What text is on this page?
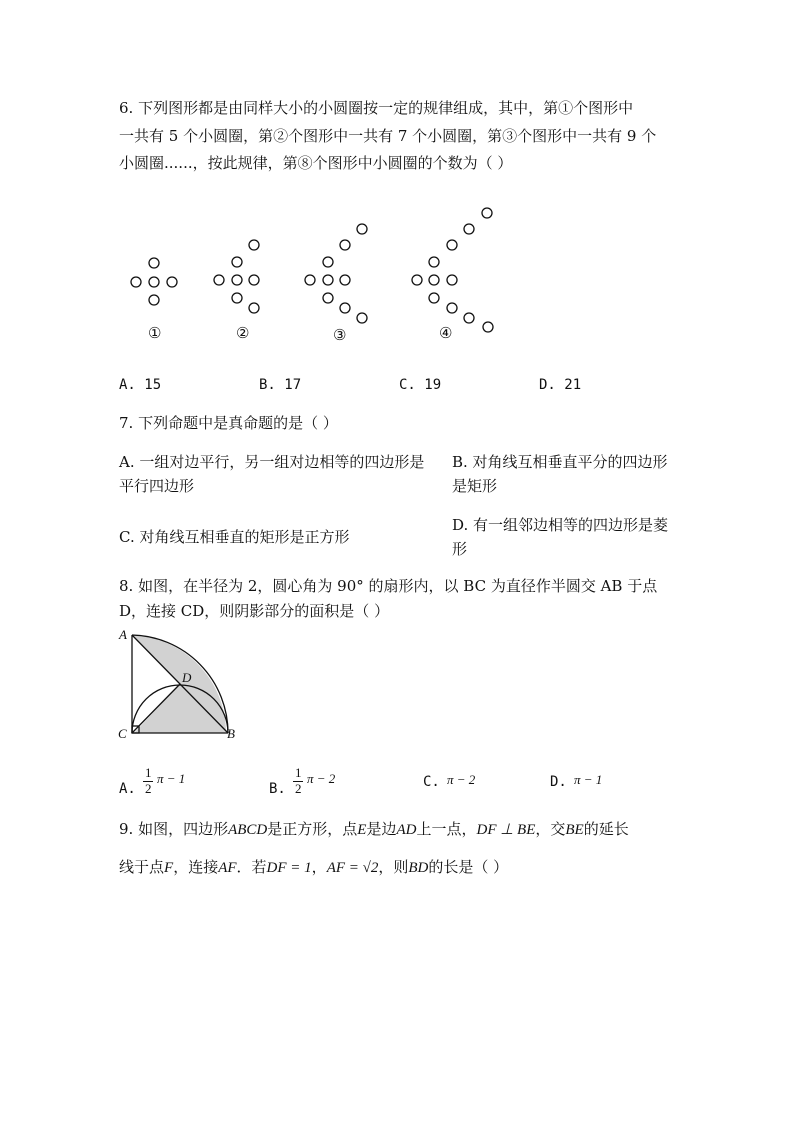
6. 下列图形都是由同样大小的小圆圈按一定的规律组成，其中，第①个图形中
一共有 5 个小圆圈，第②个图形中一共有 7 个小圆圈，第③个图形中一共有 9 个
小圆圈......，按此规律，第⑧个图形中小圆圈的个数为（ ）
①	②	③	④
A. 15	B. 17	C. 19	D. 21
7. 下列命题中是真命题的是（ ）
A. 一组对边平行，另一组对边相等的四边形是
平行四边形
B. 对角线互相垂直平分的四边形
是矩形
C. 对角线互相垂直的矩形是正方形
D. 有一组邻边相等的四边形是菱
形
8. 如图，在半径为 2，圆心角为 90° 的扇形内，以 BC 为直径作半圆交 AB 于点
D，连接 CD，则阴影部分的面积是（ ）
A
C	B
D
A.
1
2
π − 1
B.
1
2
π − 2	C. π − 2	D. π − 1
9. 如图，四边形ABCD是正方形，点E是边AD上一点，DF ⊥ BE，交BE的延长
线于点F，连接AF．若DF = 1，AF = √2，则BD的长是（ ）
